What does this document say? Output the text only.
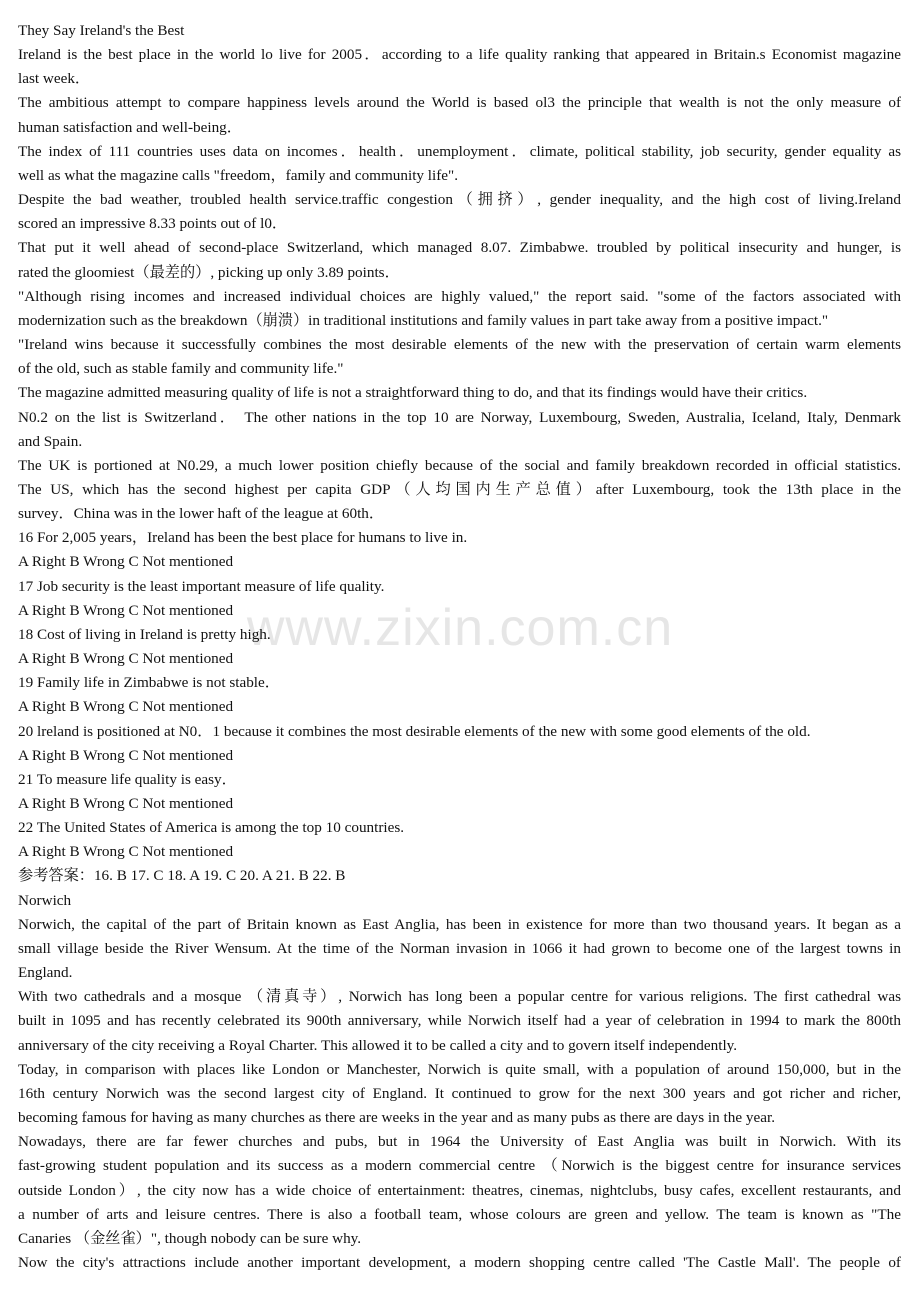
www.zixin.com.cn
They Say Ireland's the Best
Ireland is the best place in the world lo live for 2005．according to a life quality ranking that appeared in Britain.s Economist magazine
last week．
The ambitious attempt to compare happiness levels around the World is based ol3 the principle that wealth is not the only measure of
human satisfaction and well-being．
The index of 111 countries uses data on incomes．health．unemployment．climate, political stability, job security, gender equality as
well as what the magazine calls "freedom，family and community life".
Despite the bad weather, troubled health service.traffic congestion（拥挤）, gender inequality, and the high cost of living.Ireland
scored an impressive 8.33 points out of l0．
That put it well ahead of second-place Switzerland, which managed 8.07. Zimbabwe. troubled by political insecurity and hunger, is
rated the gloomiest（最差的）, picking up only 3.89 points．
"Although rising incomes and increased individual choices are highly valued," the report said. "some of the factors associated with
modernization such as the breakdown（崩溃）in traditional institutions and family values in part take away from a positive impact."
"Ireland wins because it successfully combines the most desirable elements of the new with the preservation of certain warm elements
of the old, such as stable family and community life."
The magazine admitted measuring quality of life is not a straightforward thing to do, and that its findings would have their critics.
N0.2 on the list is Switzerland． The other nations in the top 10 are Norway, Luxembourg, Sweden, Australia, Iceland, Italy, Denmark
and Spain.
The UK is portioned at N0.29, a much lower position chiefly because of the social and family breakdown recorded in official statistics.
The US, which has the second highest per capita GDP（人均国内生产总值）after Luxembourg, took the 13th place in the
survey．China was in the lower haft of the league at 60th．
16 For 2,005 years，Ireland has been the best place for humans to live in.
A Right B Wrong C Not mentioned
17 Job security is the least important measure of life quality.
A Right B Wrong C Not mentioned
18 Cost of living in Ireland is pretty high.
A Right B Wrong C Not mentioned
19 Family life in Zimbabwe is not stable．
A Right B Wrong C Not mentioned
20 lreland is positioned at N0．1 because it combines the most desirable elements of the new with some good elements of the old.
A Right B Wrong C Not mentioned
21 To measure life quality is easy．
A Right B Wrong C Not mentioned
22 The United States of America is among the top 10 countries.
A Right B Wrong C Not mentioned
参考答案：16. B 17. C 18. A 19. C 20. A 21. B 22. B
Norwich
Norwich, the capital of the part of Britain known as East Anglia, has been in existence for more than two thousand years. It began as a
small village beside the River Wensum. At the time of the Norman invasion in 1066 it had grown to become one of the largest towns in
England.
With two cathedrals and a mosque （清真寺）, Norwich has long been a popular centre for various religions. The first cathedral was
built in 1095 and has recently celebrated its 900th anniversary, while Norwich itself had a year of celebration in 1994 to mark the 800th
anniversary of the city receiving a Royal Charter. This allowed it to be called a city and to govern itself independently.
Today, in comparison with places like London or Manchester, Norwich is quite small, with a population of around 150,000, but in the
16th century Norwich was the second largest city of England. It continued to grow for the next 300 years and got richer and richer,
becoming famous for having as many churches as there are weeks in the year and as many pubs as there are days in the year.
Nowadays, there are far fewer churches and pubs, but in 1964 the University of East Anglia was built in Norwich. With its
fast-growing student population and its success as a modern commercial centre （Norwich is the biggest centre for insurance services
outside London）, the city now has a wide choice of entertainment: theatres, cinemas, nightclubs, busy cafes, excellent restaurants, and
a number of arts and leisure centres. There is also a football team, whose colours are green and yellow. The team is known as "The
Canaries （金丝雀）", though nobody can be sure why.
Now the city's attractions include another important development, a modern shopping centre called 'The Castle Mall'. The people of
